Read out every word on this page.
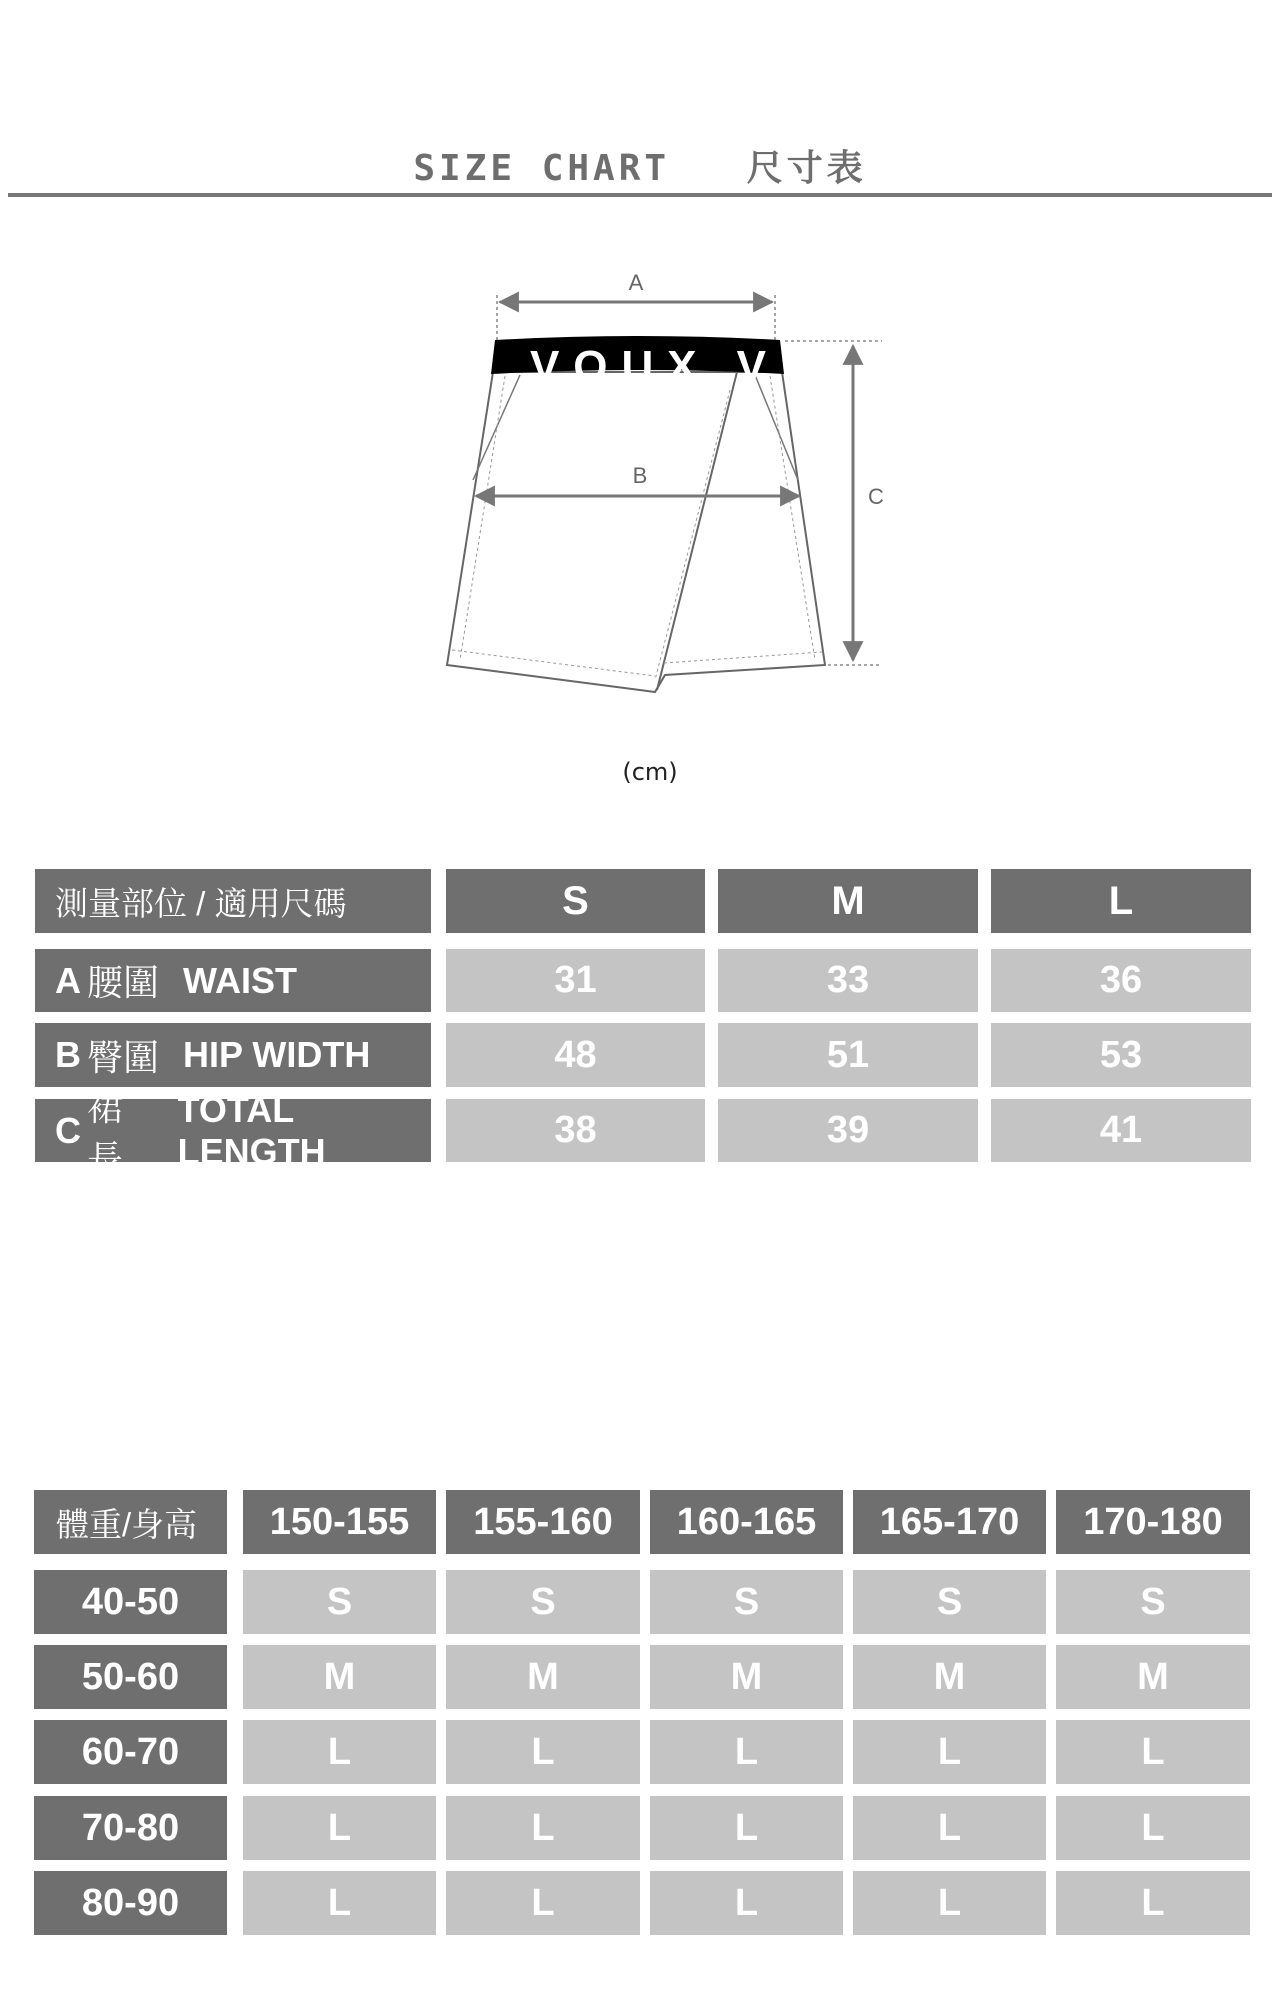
SIZE CHART 尺寸表
A
VOUX V
B
C
(cm)
測量部位 / 適用尺碼	S	M	L
A 腰圍 WAIST	31	33	36
B 臀圍 HIP WIDTH	48	51	53
C
裙長
TOTAL LENGTH	38	39	41
體重/身高	150-155	155-160	160-165	165-170	170-180
40-50	S	S	S	S	S
50-60	M	M	M	M	M
60-70	L	L	L	L	L
70-80	L	L	L	L	L
80-90	L	L	L	L	L
